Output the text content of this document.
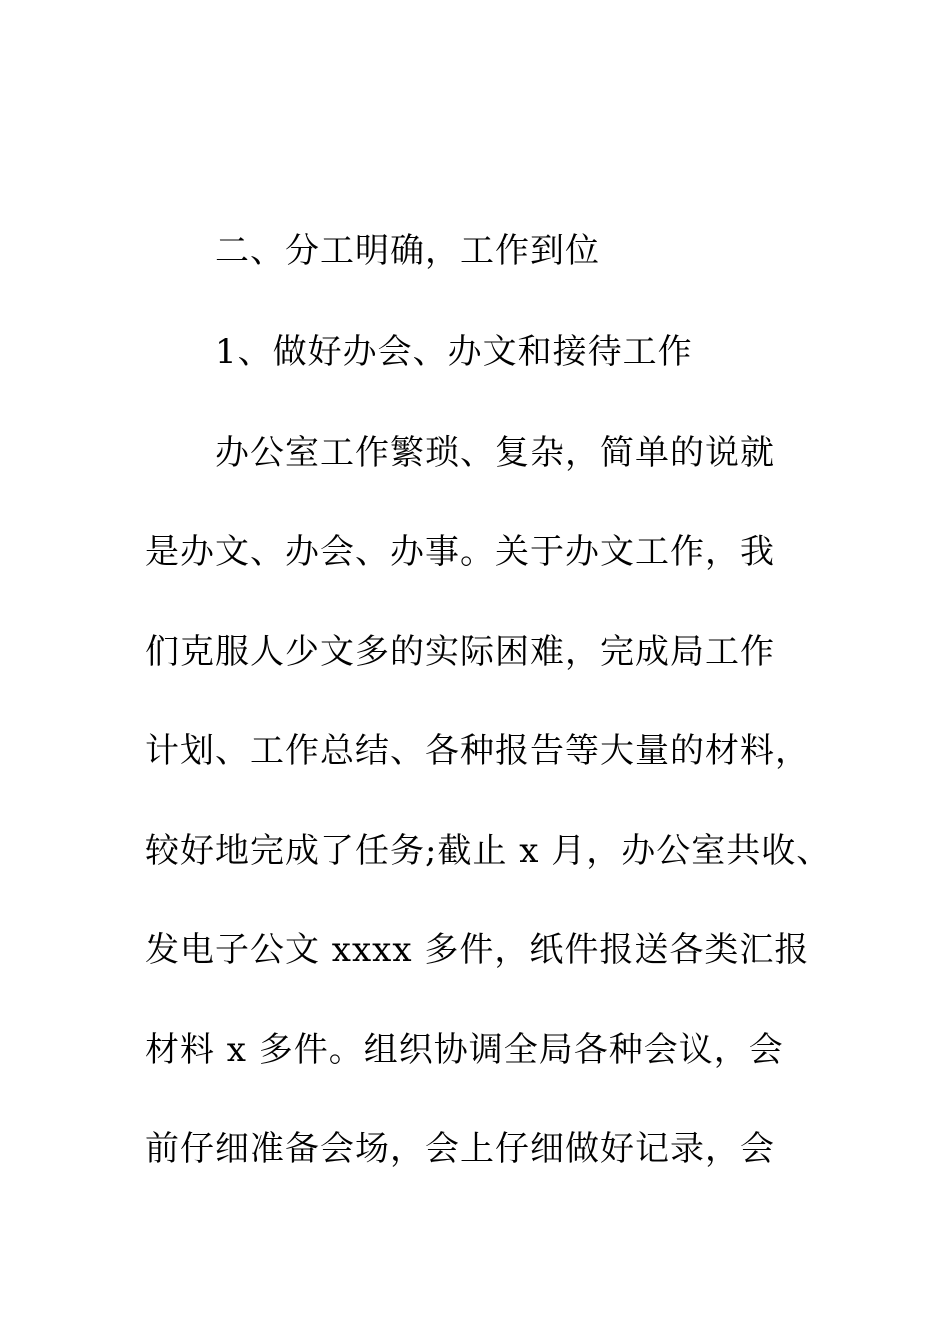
二、分工明确，工作到位
1、做好办会、办文和接待工作
办公室工作繁琐、复杂，简单的说就
是办文、办会、办事。关于办文工作，我
们克服人少文多的实际困难，完成局工作
计划、工作总结、各种报告等大量的材料，
较好地完成了任务;截止 x 月，办公室共收、
发电子公文 xxxx 多件，纸件报送各类汇报
材料 x 多件。组织协调全局各种会议，会
前仔细准备会场，会上仔细做好记录，会
